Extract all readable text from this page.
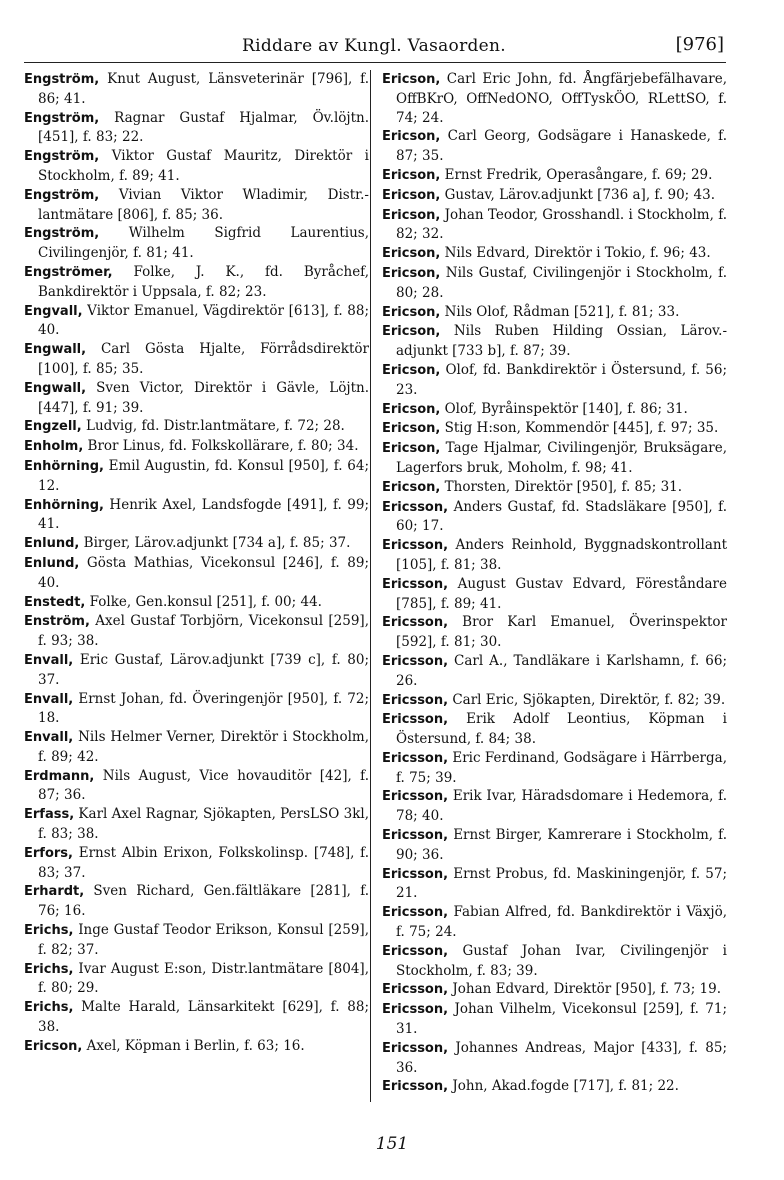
Riddare av Kungl. Vasaorden.	[976]
Engström, Knut August, Länsveterinär [796], f. 86; 41.
Engström, Ragnar Gustaf Hjalmar, Öv.löjtn. [451], f. 83; 22.
Engström, Viktor Gustaf Mauritz, Direktör i Stockholm, f. 89; 41.
Engström, Vivian Viktor Wladimir, Distr.-lantmätare [806], f. 85; 36.
Engström, Wilhelm Sigfrid Laurentius, Civilingenjör, f. 81; 41.
Engströmer, Folke, J. K., fd. Byråchef, Bankdirektör i Uppsala, f. 82; 23.
Engvall, Viktor Emanuel, Vägdirektör [613], f. 88; 40.
Engwall, Carl Gösta Hjalte, Förrådsdirektör [100], f. 85; 35.
Engwall, Sven Victor, Direktör i Gävle, Löjtn. [447], f. 91; 39.
Engzell, Ludvig, fd. Distr.lantmätare, f. 72; 28.
Enholm, Bror Linus, fd. Folkskollärare, f. 80; 34.
Enhörning, Emil Augustin, fd. Konsul [950], f. 64; 12.
Enhörning, Henrik Axel, Landsfogde [491], f. 99; 41.
Enlund, Birger, Lärov.adjunkt [734 a], f. 85; 37.
Enlund, Gösta Mathias, Vicekonsul [246], f. 89; 40.
Enstedt, Folke, Gen.konsul [251], f. 00; 44.
Enström, Axel Gustaf Torbjörn, Vicekonsul [259], f. 93; 38.
Envall, Eric Gustaf, Lärov.adjunkt [739 c], f. 80; 37.
Envall, Ernst Johan, fd. Överingenjör [950], f. 72; 18.
Envall, Nils Helmer Verner, Direktör i Stockholm, f. 89; 42.
Erdmann, Nils August, Vice hovauditör [42], f. 87; 36.
Erfass, Karl Axel Ragnar, Sjökapten, PersLSO 3kl, f. 83; 38.
Erfors, Ernst Albin Erixon, Folkskolinsp. [748], f. 83; 37.
Erhardt, Sven Richard, Gen.fältläkare [281], f. 76; 16.
Erichs, Inge Gustaf Teodor Erikson, Konsul [259], f. 82; 37.
Erichs, Ivar August E:son, Distr.lantmätare [804], f. 80; 29.
Erichs, Malte Harald, Länsarkitekt [629], f. 88; 38.
Ericson, Axel, Köpman i Berlin, f. 63; 16.
Ericson, Carl Eric John, fd. Ångfärjebefälhavare, OffBKrO, OffNedONO, OffTyskÖO, RLettSO, f. 74; 24.
Ericson, Carl Georg, Godsägare i Hanaskede, f. 87; 35.
Ericson, Ernst Fredrik, Operasångare, f. 69; 29.
Ericson, Gustav, Lärov.adjunkt [736 a], f. 90; 43.
Ericson, Johan Teodor, Grosshandl. i Stockholm, f. 82; 32.
Ericson, Nils Edvard, Direktör i Tokio, f. 96; 43.
Ericson, Nils Gustaf, Civilingenjör i Stockholm, f. 80; 28.
Ericson, Nils Olof, Rådman [521], f. 81; 33.
Ericson, Nils Ruben Hilding Ossian, Lärov.-adjunkt [733 b], f. 87; 39.
Ericson, Olof, fd. Bankdirektör i Östersund, f. 56; 23.
Ericson, Olof, Byråinspektör [140], f. 86; 31.
Ericson, Stig H:son, Kommendör [445], f. 97; 35.
Ericson, Tage Hjalmar, Civilingenjör, Bruksägare, Lagerfors bruk, Moholm, f. 98; 41.
Ericson, Thorsten, Direktör [950], f. 85; 31.
Ericsson, Anders Gustaf, fd. Stadsläkare [950], f. 60; 17.
Ericsson, Anders Reinhold, Byggnadskontrollant [105], f. 81; 38.
Ericsson, August Gustav Edvard, Föreståndare [785], f. 89; 41.
Ericsson, Bror Karl Emanuel, Överinspektor [592], f. 81; 30.
Ericsson, Carl A., Tandläkare i Karlshamn, f. 66; 26.
Ericsson, Carl Eric, Sjökapten, Direktör, f. 82; 39.
Ericsson, Erik Adolf Leontius, Köpman i Östersund, f. 84; 38.
Ericsson, Eric Ferdinand, Godsägare i Härrberga, f. 75; 39.
Ericsson, Erik Ivar, Häradsdomare i Hedemora, f. 78; 40.
Ericsson, Ernst Birger, Kamrerare i Stockholm, f. 90; 36.
Ericsson, Ernst Probus, fd. Maskiningenjör, f. 57; 21.
Ericsson, Fabian Alfred, fd. Bankdirektör i Växjö, f. 75; 24.
Ericsson, Gustaf Johan Ivar, Civilingenjör i Stockholm, f. 83; 39.
Ericsson, Johan Edvard, Direktör [950], f. 73; 19.
Ericsson, Johan Vilhelm, Vicekonsul [259], f. 71; 31.
Ericsson, Johannes Andreas, Major [433], f. 85; 36.
Ericsson, John, Akad.fogde [717], f. 81; 22.
151
